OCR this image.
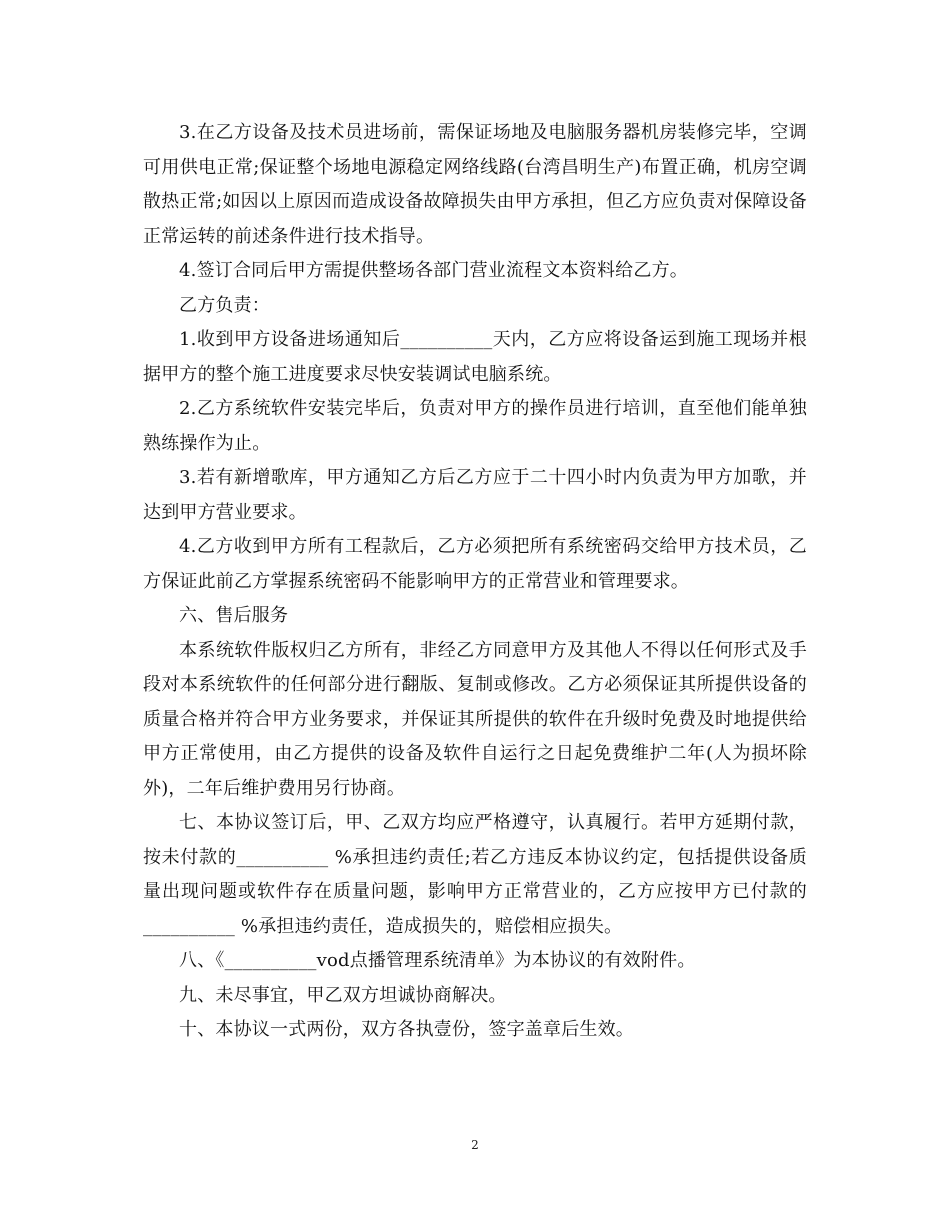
3.在乙方设备及技术员进场前，需保证场地及电脑服务器机房装修完毕，空调可用供电正常;保证整个场地电源稳定网络线路(台湾昌明生产)布置正确，机房空调散热正常;如因以上原因而造成设备故障损失由甲方承担，但乙方应负责对保障设备正常运转的前述条件进行技术指导。

4.签订合同后甲方需提供整场各部门营业流程文本资料给乙方。

乙方负责：

1.收到甲方设备进场通知后__________天内，乙方应将设备运到施工现场并根据甲方的整个施工进度要求尽快安装调试电脑系统。

2.乙方系统软件安装完毕后，负责对甲方的操作员进行培训，直至他们能单独熟练操作为止。

3.若有新增歌库，甲方通知乙方后乙方应于二十四小时内负责为甲方加歌，并达到甲方营业要求。

4.乙方收到甲方所有工程款后，乙方必须把所有系统密码交给甲方技术员，乙方保证此前乙方掌握系统密码不能影响甲方的正常营业和管理要求。

六、售后服务

本系统软件版权归乙方所有，非经乙方同意甲方及其他人不得以任何形式及手段对本系统软件的任何部分进行翻版、复制或修改。乙方必须保证其所提供设备的质量合格并符合甲方业务要求，并保证其所提供的软件在升级时免费及时地提供给甲方正常使用，由乙方提供的设备及软件自运行之日起免费维护二年(人为损坏除外)，二年后维护费用另行协商。

七、本协议签订后，甲、乙双方均应严格遵守，认真履行。若甲方延期付款，按未付款的__________ %承担违约责任;若乙方违反本协议约定，包括提供设备质量出现问题或软件存在质量问题，影响甲方正常营业的，乙方应按甲方已付款的__________ %承担违约责任，造成损失的，赔偿相应损失。

八、《__________vod点播管理系统清单》为本协议的有效附件。

九、未尽事宜，甲乙双方坦诚协商解决。

十、本协议一式两份，双方各执壹份，签字盖章后生效。

2
